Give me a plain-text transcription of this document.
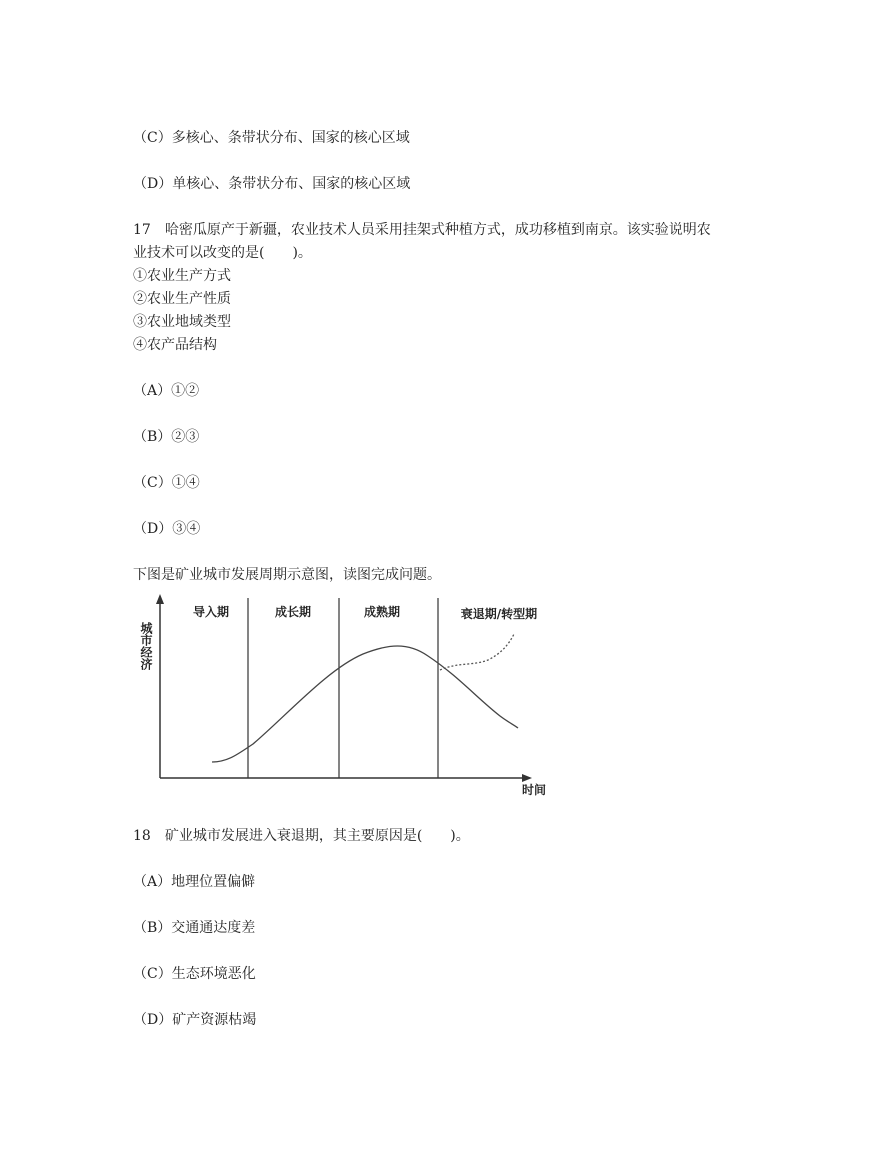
（C）多核心、条带状分布、国家的核心区域
（D）单核心、条带状分布、国家的核心区域
17　哈密瓜原产于新疆，农业技术人员采用挂架式种植方式，成功移植到南京。该实验说明农
业技术可以改变的是(　　)。
①农业生产方式
②农业生产性质
③农业地域类型
④农产品结构
（A）①②
（B）②③
（C）①④
（D）③④
下图是矿业城市发展周期示意图，读图完成问题。
导入期	成长期	成熟期	衰退期/转型期
城市经济
时间
18　矿业城市发展进入衰退期，其主要原因是(　　)。
（A）地理位置偏僻
（B）交通通达度差
（C）生态环境恶化
（D）矿产资源枯竭
